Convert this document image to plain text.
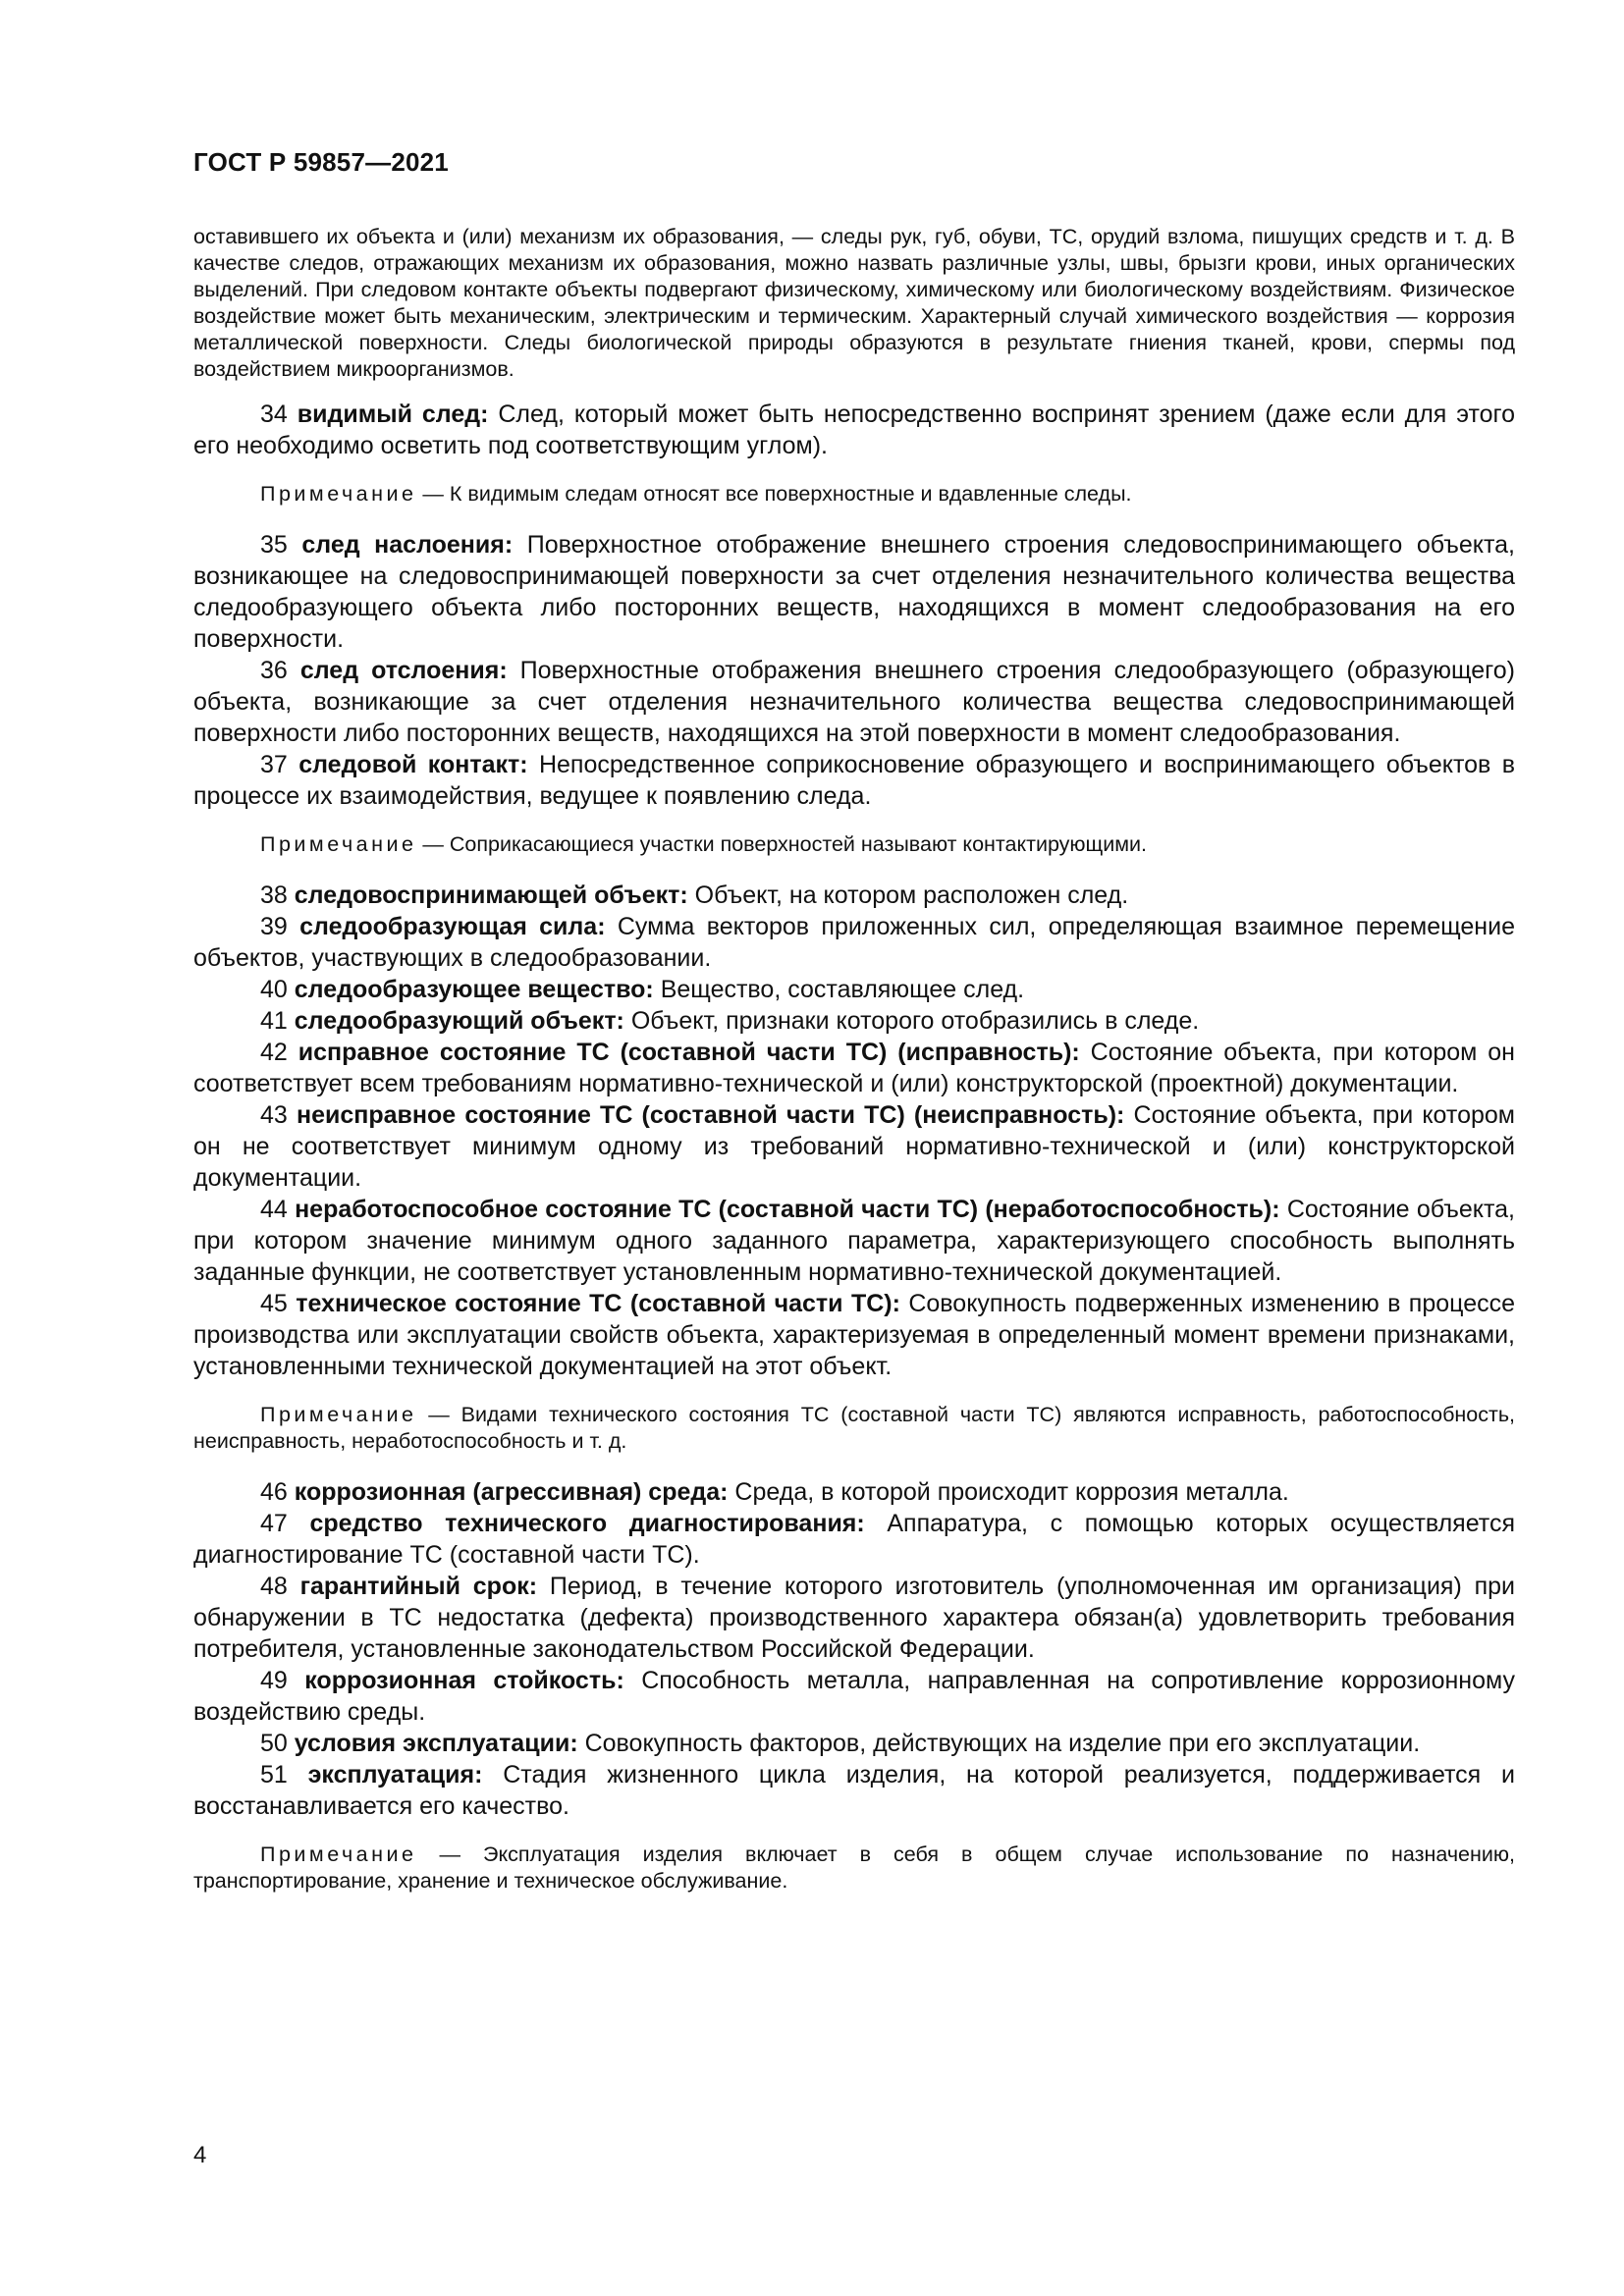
ГОСТ Р 59857—2021

оставившего их объекта и (или) механизм их образования, — следы рук, губ, обуви, ТС, орудий взлома, пишущих средств и т. д. В качестве следов, отражающих механизм их образования, можно назвать различные узлы, швы, брызги крови, иных органических выделений. При следовом контакте объекты подвергают физическому, химическому или биологическому воздействиям. Физическое воздействие может быть механическим, электрическим и термическим. Характерный случай химического воздействия — коррозия металлической поверхности. Следы биологической природы образуются в результате гниения тканей, крови, спермы под воздействием микроорганизмов.

34 видимый след: След, который может быть непосредственно воспринят зрением (даже если для этого его необходимо осветить под соответствующим углом).

Примечание — К видимым следам относят все поверхностные и вдавленные следы.

35 след наслоения: Поверхностное отображение внешнего строения следовоспринимающего объекта, возникающее на следовоспринимающей поверхности за счет отделения незначительного количества вещества следообразующего объекта либо посторонних веществ, находящихся в момент следообразования на его поверхности.

36 след отслоения: Поверхностные отображения внешнего строения следообразующего (образующего) объекта, возникающие за счет отделения незначительного количества вещества следовоспринимающей поверхности либо посторонних веществ, находящихся на этой поверхности в момент следообразования.

37 следовой контакт: Непосредственное соприкосновение образующего и воспринимающего объектов в процессе их взаимодействия, ведущее к появлению следа.

Примечание — Соприкасающиеся участки поверхностей называют контактирующими.

38 следовоспринимающей объект: Объект, на котором расположен след.

39 следообразующая сила: Сумма векторов приложенных сил, определяющая взаимное перемещение объектов, участвующих в следообразовании.

40 следообразующее вещество: Вещество, составляющее след.

41 следообразующий объект: Объект, признаки которого отобразились в следе.

42 исправное состояние ТС (составной части ТС) (исправность): Состояние объекта, при котором он соответствует всем требованиям нормативно-технической и (или) конструкторской (проектной) документации.

43 неисправное состояние ТС (составной части ТС) (неисправность): Состояние объекта, при котором он не соответствует минимум одному из требований нормативно-технической и (или) конструкторской документации.

44 неработоспособное состояние ТС (составной части ТС) (неработоспособность): Состояние объекта, при котором значение минимум одного заданного параметра, характеризующего способность выполнять заданные функции, не соответствует установленным нормативно-технической документацией.

45 техническое состояние ТС (составной части ТС): Совокупность подверженных изменению в процессе производства или эксплуатации свойств объекта, характеризуемая в определенный момент времени признаками, установленными технической документацией на этот объект.

Примечание — Видами технического состояния ТС (составной части ТС) являются исправность, работоспособность, неисправность, неработоспособность и т. д.

46 коррозионная (агрессивная) среда: Среда, в которой происходит коррозия металла.

47 средство технического диагностирования: Аппаратура, с помощью которых осуществляется диагностирование ТС (составной части ТС).

48 гарантийный срок: Период, в течение которого изготовитель (уполномоченная им организация) при обнаружении в ТС недостатка (дефекта) производственного характера обязан(а) удовлетворить требования потребителя, установленные законодательством Российской Федерации.

49 коррозионная стойкость: Способность металла, направленная на сопротивление коррозионному воздействию среды.

50 условия эксплуатации: Совокупность факторов, действующих на изделие при его эксплуатации.

51 эксплуатация: Стадия жизненного цикла изделия, на которой реализуется, поддерживается и восстанавливается его качество.

Примечание — Эксплуатация изделия включает в себя в общем случае использование по назначению, транспортирование, хранение и техническое обслуживание.

4
